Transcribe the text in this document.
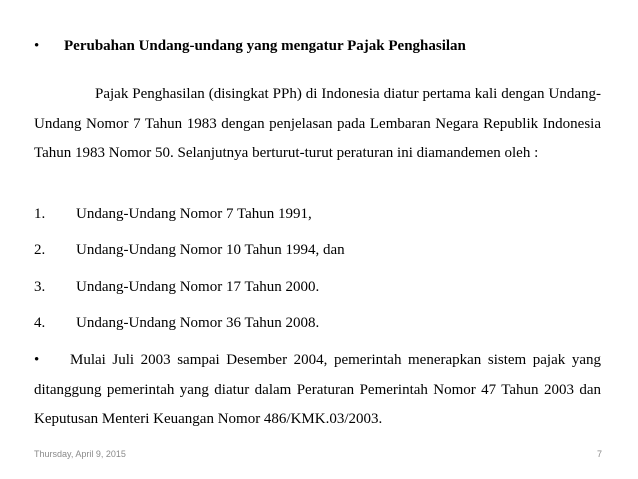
• Perubahan Undang-undang yang mengatur Pajak Penghasilan

Pajak Penghasilan (disingkat PPh) di Indonesia diatur pertama kali dengan Undang-Undang Nomor 7 Tahun 1983 dengan penjelasan pada Lembaran Negara Republik Indonesia Tahun 1983 Nomor 50. Selanjutnya berturut-turut peraturan ini diamandemen oleh :

1. Undang-Undang Nomor 7 Tahun 1991,
2. Undang-Undang Nomor 10 Tahun 1994, dan
3. Undang-Undang Nomor 17 Tahun 2000.
4. Undang-Undang Nomor 36 Tahun 2008.

• Mulai Juli 2003 sampai Desember 2004, pemerintah menerapkan sistem pajak yang ditanggung pemerintah yang diatur dalam Peraturan Pemerintah Nomor 47 Tahun 2003 dan Keputusan Menteri Keuangan Nomor 486/KMK.03/2003.

Thursday, April 9, 2015	7
